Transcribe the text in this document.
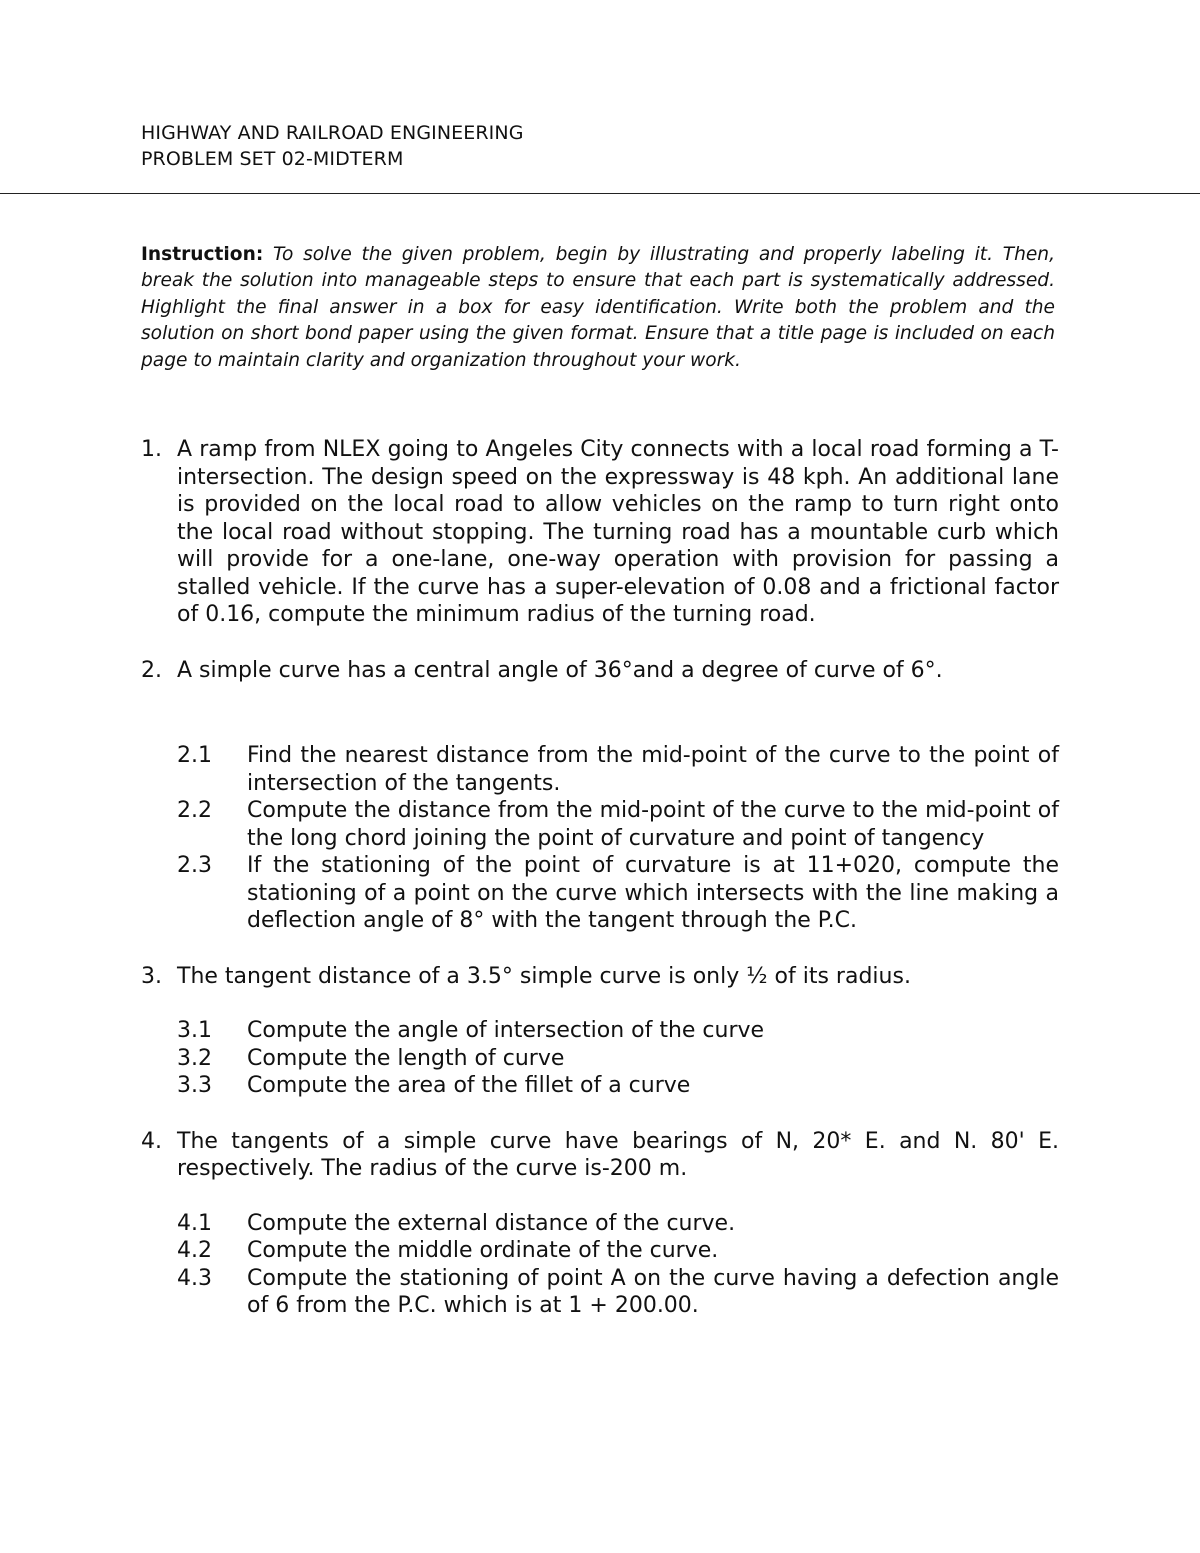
HIGHWAY AND RAILROAD ENGINEERING
PROBLEM SET 02-MIDTERM
Instruction: To solve the given problem, begin by illustrating and properly labeling it. Then, break the solution into manageable steps to ensure that each part is systematically addressed. Highlight the final answer in a box for easy identification. Write both the problem and the solution on short bond paper using the given format. Ensure that a title page is included on each page to maintain clarity and organization throughout your work.
1. A ramp from NLEX going to Angeles City connects with a local road forming a T-intersection. The design speed on the expressway is 48 kph. An additional lane is provided on the local road to allow vehicles on the ramp to turn right onto the local road without stopping. The turning road has a mountable curb which will provide for a one-lane, one-way operation with provision for passing a stalled vehicle. If the curve has a super-elevation of 0.08 and a frictional factor of 0.16, compute the minimum radius of the turning road.
2. A simple curve has a central angle of 36°and a degree of curve of 6°.
2.1 Find the nearest distance from the mid-point of the curve to the point of intersection of the tangents.
2.2 Compute the distance from the mid-point of the curve to the mid-point of the long chord joining the point of curvature and point of tangency
2.3 If the stationing of the point of curvature is at 11+020, compute the stationing of a point on the curve which intersects with the line making a deflection angle of 8° with the tangent through the P.C.
3. The tangent distance of a 3.5° simple curve is only ½ of its radius.
3.1 Compute the angle of intersection of the curve
3.2 Compute the length of curve
3.3 Compute the area of the fillet of a curve
4. The tangents of a simple curve have bearings of N, 20* E. and N. 80' E. respectively. The radius of the curve is-200 m.
4.1 Compute the external distance of the curve.
4.2 Compute the middle ordinate of the curve.
4.3 Compute the stationing of point A on the curve having a defection angle of 6 from the P.C. which is at 1 + 200.00.
